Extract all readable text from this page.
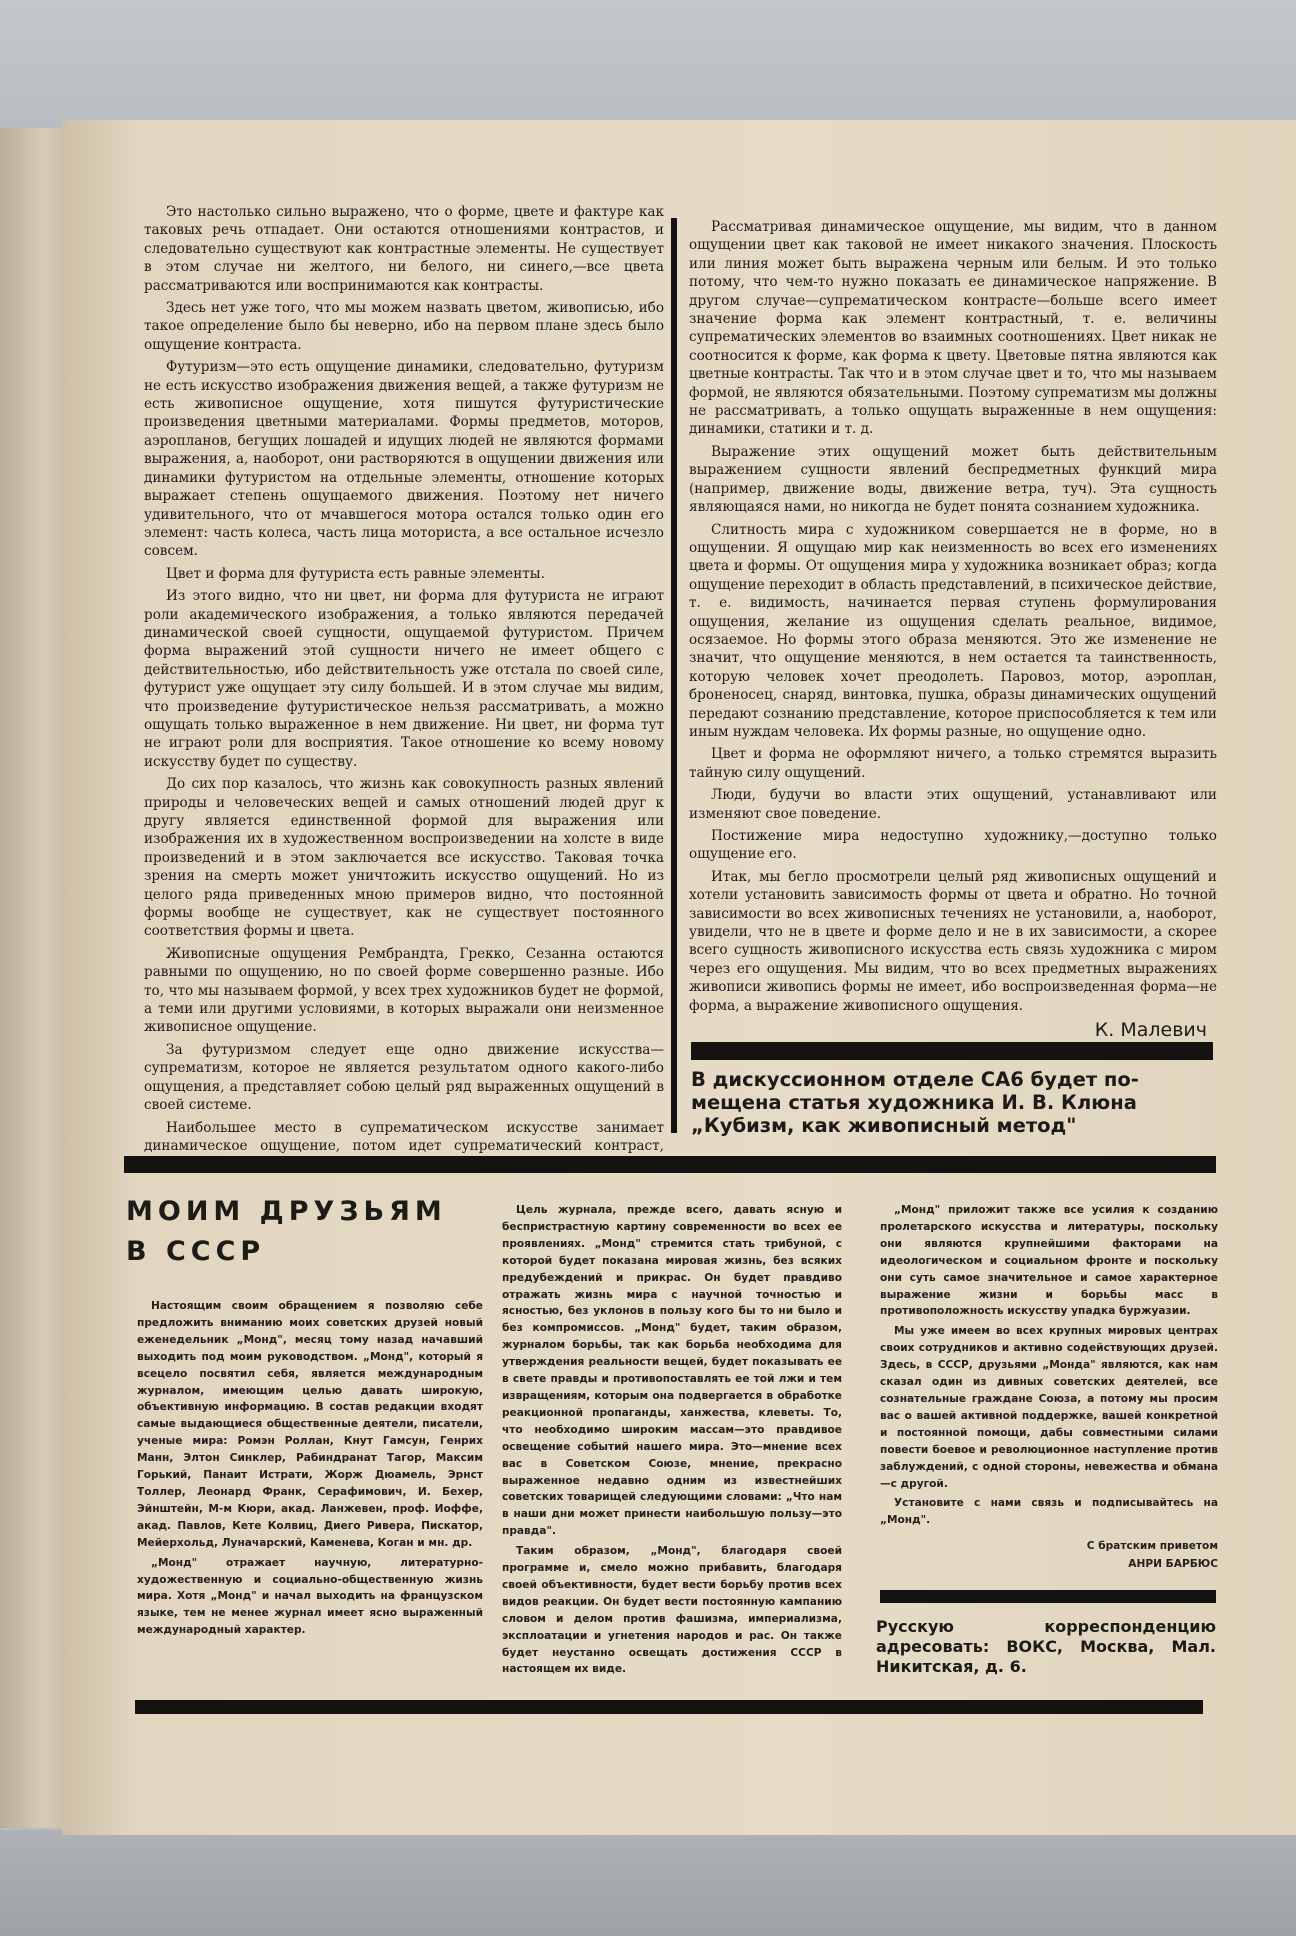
Это настолько сильно выражено, что о форме, цвете и фактуре как таковых речь отпадает. Они остаются отношениями контрастов, и следовательно существуют как контрастные элементы. Не существует в этом случае ни желтого, ни белого, ни синего,—все цвета рассматриваются или воспринимаются как контрасты.

Здесь нет уже того, что мы можем назвать цветом, живописью, ибо такое определение было бы неверно, ибо на первом плане здесь было ощущение контраста.

Футуризм—это есть ощущение динамики, следовательно, футуризм не есть искусство изображения движения вещей, а также футуризм не есть живописное ощущение, хотя пишутся футуристические произведения цветными материалами. Формы предметов, моторов, аэропланов, бегущих лошадей и идущих людей не являются формами выражения, а, наоборот, они растворяются в ощущении движения или динамики футуристом на отдельные элементы, отношение которых выражает степень ощущаемого движения. Поэтому нет ничего удивительного, что от мчавшегося мотора остался только один его элемент: часть колеса, часть лица моториста, а все остальное исчезло совсем.

Цвет и форма для футуриста есть равные элементы.

Из этого видно, что ни цвет, ни форма для футуриста не играют роли академического изображения, а только являются передачей динамической своей сущности, ощущаемой футуристом. Причем форма выражений этой сущности ничего не имеет общего с действительностью, ибо действительность уже отстала по своей силе, футурист уже ощущает эту силу большей. И в этом случае мы видим, что произведение футуристическое нельзя рассматривать, а можно ощущать только выраженное в нем движение. Ни цвет, ни форма тут не играют роли для восприятия. Такое отношение ко всему новому искусству будет по существу.

До сих пор казалось, что жизнь как совокупность разных явлений природы и человеческих вещей и самых отношений людей друг к другу является единственной формой для выражения или изображения их в художественном воспроизведении на холсте в виде произведений и в этом заключается все искусство. Таковая точка зрения на смерть может уничтожить искусство ощущений. Но из целого ряда приведенных мною примеров видно, что постоянной формы вообще не существует, как не существует постоянного соответствия формы и цвета.

Живописные ощущения Рембрандта, Грекко, Сезанна остаются равными по ощущению, но по своей форме совершенно разные. Ибо то, что мы называем формой, у всех трех художников будет не формой, а теми или другими условиями, в которых выражали они неизменное живописное ощущение.

За футуризмом следует еще одно движение искусства—супрематизм, которое не является результатом одного какого-либо ощущения, а представляет собою целый ряд выраженных ощущений в своей системе.

Наибольшее место в супрематическом искусстве занимает динамическое ощущение, потом идет супрематический контраст,

Рассматривая динамическое ощущение, мы видим, что в данном ощущении цвет как таковой не имеет никакого значения. Плоскость или линия может быть выражена черным или белым. И это только потому, что чем-то нужно показать ее динамическое напряжение. В другом случае—супрематическом контрасте—больше всего имеет значение форма как элемент контрастный, т. е. величины супрематических элементов во взаимных соотношениях. Цвет никак не соотносится к форме, как форма к цвету. Цветовые пятна являются как цветные контрасты. Так что и в этом случае цвет и то, что мы называем формой, не являются обязательными. Поэтому супрематизм мы должны не рассматривать, а только ощущать выраженные в нем ощущения: динамики, статики и т. д.

Выражение этих ощущений может быть действительным выражением сущности явлений беспредметных функций мира (например, движение воды, движение ветра, туч). Эта сущность являющаяся нами, но никогда не будет понята сознанием художника.

Слитность мира с художником совершается не в форме, но в ощущении. Я ощущаю мир как неизменность во всех его изменениях цвета и формы. От ощущения мира у художника возникает образ; когда ощущение переходит в область представлений, в психическое действие, т. е. видимость, начинается первая ступень формулирования ощущения, желание из ощущения сделать реальное, видимое, осязаемое. Но формы этого образа меняются. Это же изменение не значит, что ощущение меняются, в нем остается та таинственность, которую человек хочет преодолеть. Паровоз, мотор, аэроплан, броненосец, снаряд, винтовка, пушка, образы динамических ощущений передают сознанию представление, которое приспособляется к тем или иным нуждам человека. Их формы разные, но ощущение одно.

Цвет и форма не оформляют ничего, а только стремятся выразить тайную силу ощущений.

Люди, будучи во власти этих ощущений, устанавливают или изменяют свое поведение.

Постижение мира недоступно художнику,—доступно только ощущение его.

Итак, мы бегло просмотрели целый ряд живописных ощущений и хотели установить зависимость формы от цвета и обратно. Но точной зависимости во всех живописных течениях не установили, а, наоборот, увидели, что не в цвете и форме дело и не в их зависимости, а скорее всего сущность живописного искусства есть связь художника с миром через его ощущения. Мы видим, что во всех предметных выражениях живописи живопись формы не имеет, ибо воспроизведенная форма—не форма, а выражение живописного ощущения.

К. Малевич
В дискуссионном отделе СА6 будет по-
мещена статья художника И. В. Клюна
„Кубизм, как живописный метод"
МОИМ ДРУЗЬЯМ
В СССР

Настоящим своим обращением я позволяю себе предложить вниманию моих советских друзей новый еженедельник „Монд", месяц тому назад начавший выходить под моим руководством. „Монд", который я всецело посвятил себя, является международным журналом, имеющим целью давать широкую, объективную информацию. В состав редакции входят самые выдающиеся общественные деятели, писатели, ученые мира: Ромэн Роллан, Кнут Гамсун, Генрих Манн, Элтон Синклер, Рабиндранат Тагор, Максим Горький, Панаит Истрати, Жорж Дюамель, Эрнст Толлер, Леонард Франк, Серафимович, И. Бехер, Эйнштейн, М-м Кюри, акад. Ланжевен, проф. Иоффе, акад. Павлов, Кете Колвиц, Диего Ривера, Пискатор, Мейерхольд, Луначарский, Каменева, Коган и мн. др.

„Монд" отражает научную, литературно-художественную и социально-общественную жизнь мира. Хотя „Монд" и начал выходить на французском языке, тем не менее журнал имеет ясно выраженный международный характер.

Цель журнала, прежде всего, давать ясную и беспристрастную картину современности во всех ее проявлениях. „Монд" стремится стать трибуной, с которой будет показана мировая жизнь, без всяких предубеждений и прикрас. Он будет правдиво отражать жизнь мира с научной точностью и ясностью, без уклонов в пользу кого бы то ни было и без компромиссов. „Монд" будет, таким образом, журналом борьбы, так как борьба необходима для утверждения реальности вещей, будет показывать ее в свете правды и противопоставлять ее той лжи и тем извращениям, которым она подвергается в обработке реакционной пропаганды, ханжества, клеветы. То, что необходимо широким массам—это правдивое освещение событий нашего мира. Это—мнение всех вас в Советском Союзе, мнение, прекрасно выраженное недавно одним из известнейших советских товарищей следующими словами: „Что нам в наши дни может принести наибольшую пользу—это правда".

Таким образом, „Монд", благодаря своей программе и, смело можно прибавить, благодаря своей объективности, будет вести борьбу против всех видов реакции. Он будет вести постоянную кампанию словом и делом против фашизма, империализма, эксплоатации и угнетения народов и рас. Он также будет неустанно освещать достижения СССР в настоящем их виде.

„Монд" приложит также все усилия к созданию пролетарского искусства и литературы, поскольку они являются крупнейшими факторами на идеологическом и социальном фронте и поскольку они суть самое значительное и самое характерное выражение жизни и борьбы масс в противоположность искусству упадка буржуазии.

Мы уже имеем во всех крупных мировых центрах своих сотрудников и активно содействующих друзей. Здесь, в СССР, друзьями „Монда" являются, как нам сказал один из дивных советских деятелей, все сознательные граждане Союза, а потому мы просим вас о вашей активной поддержке, вашей конкретной и постоянной помощи, дабы совместными силами повести боевое и революционное наступление против заблуждений, с одной стороны, невежества и обмана—с другой.

Установите с нами связь и подписывайтесь на „Монд".

С братским приветом
АНРИ БАРБЮС
Русскую корреспонденцию адресовать: ВОКС, Москва, Мал. Никитская, д. 6.
